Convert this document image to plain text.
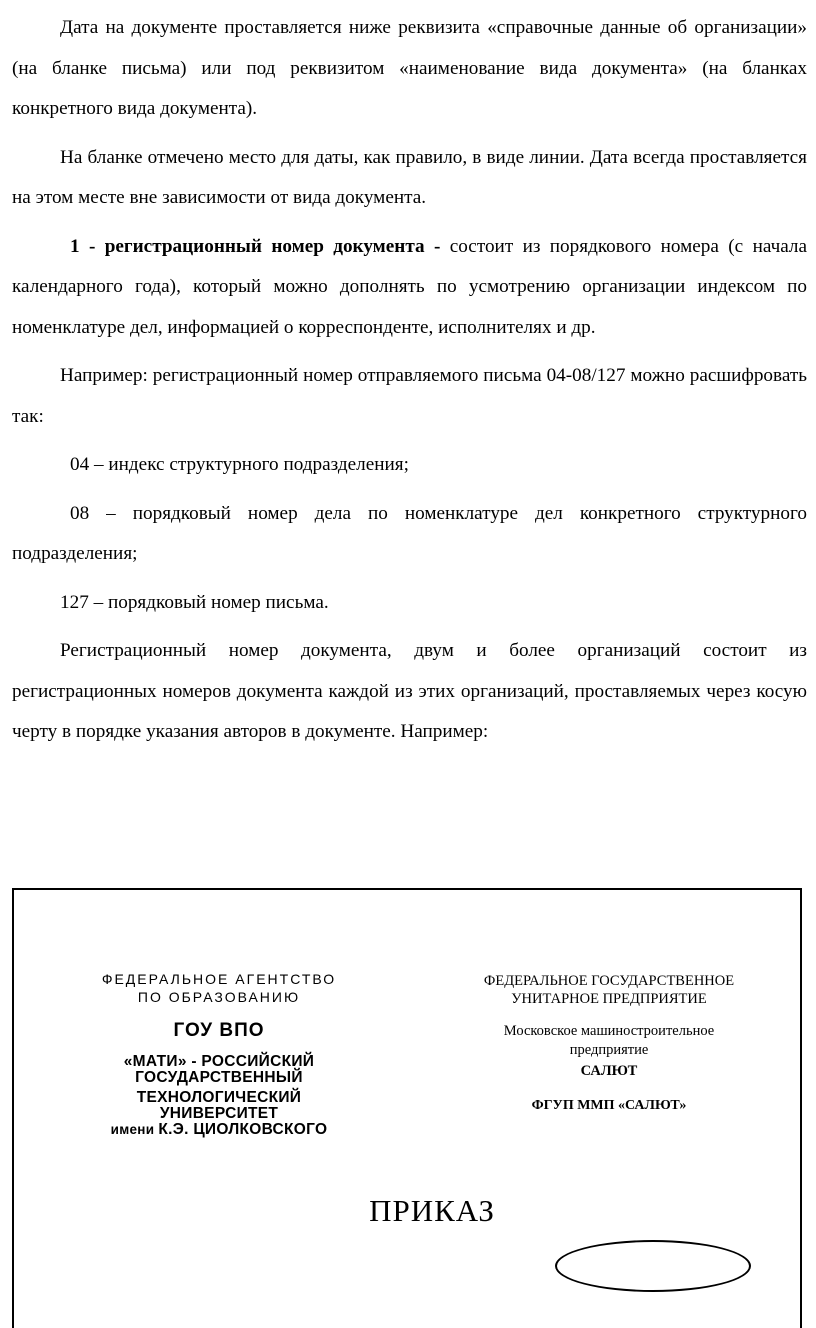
Дата на документе проставляется ниже реквизита «справочные данные об организации» (на бланке письма) или под реквизитом «наименование вида документа» (на бланках конкретного вида документа).

На бланке отмечено место для даты, как правило, в виде линии. Дата всегда проставляется на этом месте вне зависимости от вида документа.

1 - регистрационный номер документа - состоит из порядкового номера (с начала календарного года), который можно дополнять по усмотрению организации индексом по номенклатуре дел, информацией о корреспонденте, исполнителях и др.

Например: регистрационный номер отправляемого письма 04-08/127 можно расшифровать так:

04 – индекс структурного подразделения;

08 – порядковый номер дела по номенклатуре дел конкретного структурного подразделения;

127 – порядковый номер письма.

Регистрационный номер документа, двум и более организаций состоит из регистрационных номеров документа каждой из этих организаций, проставляемых через косую черту в порядке указания авторов в документе. Например:

ФЕДЕРАЛЬНОЕ АГЕНТСТВО
ПО ОБРАЗОВАНИЮ
ГОУ ВПО
«МАТИ» - РОССИЙСКИЙ
ГОСУДАРСТВЕННЫЙ
ТЕХНОЛОГИЧЕСКИЙ
УНИВЕРСИТЕТ
имени К.Э. ЦИОЛКОВСКОГО
ФЕДЕРАЛЬНОЕ ГОСУДАРСТВЕННОЕ
УНИТАРНОЕ ПРЕДПРИЯТИЕ
Московское машиностроительное
предприятие
САЛЮТ
ФГУП ММП «САЛЮТ»
ПРИКАЗ
